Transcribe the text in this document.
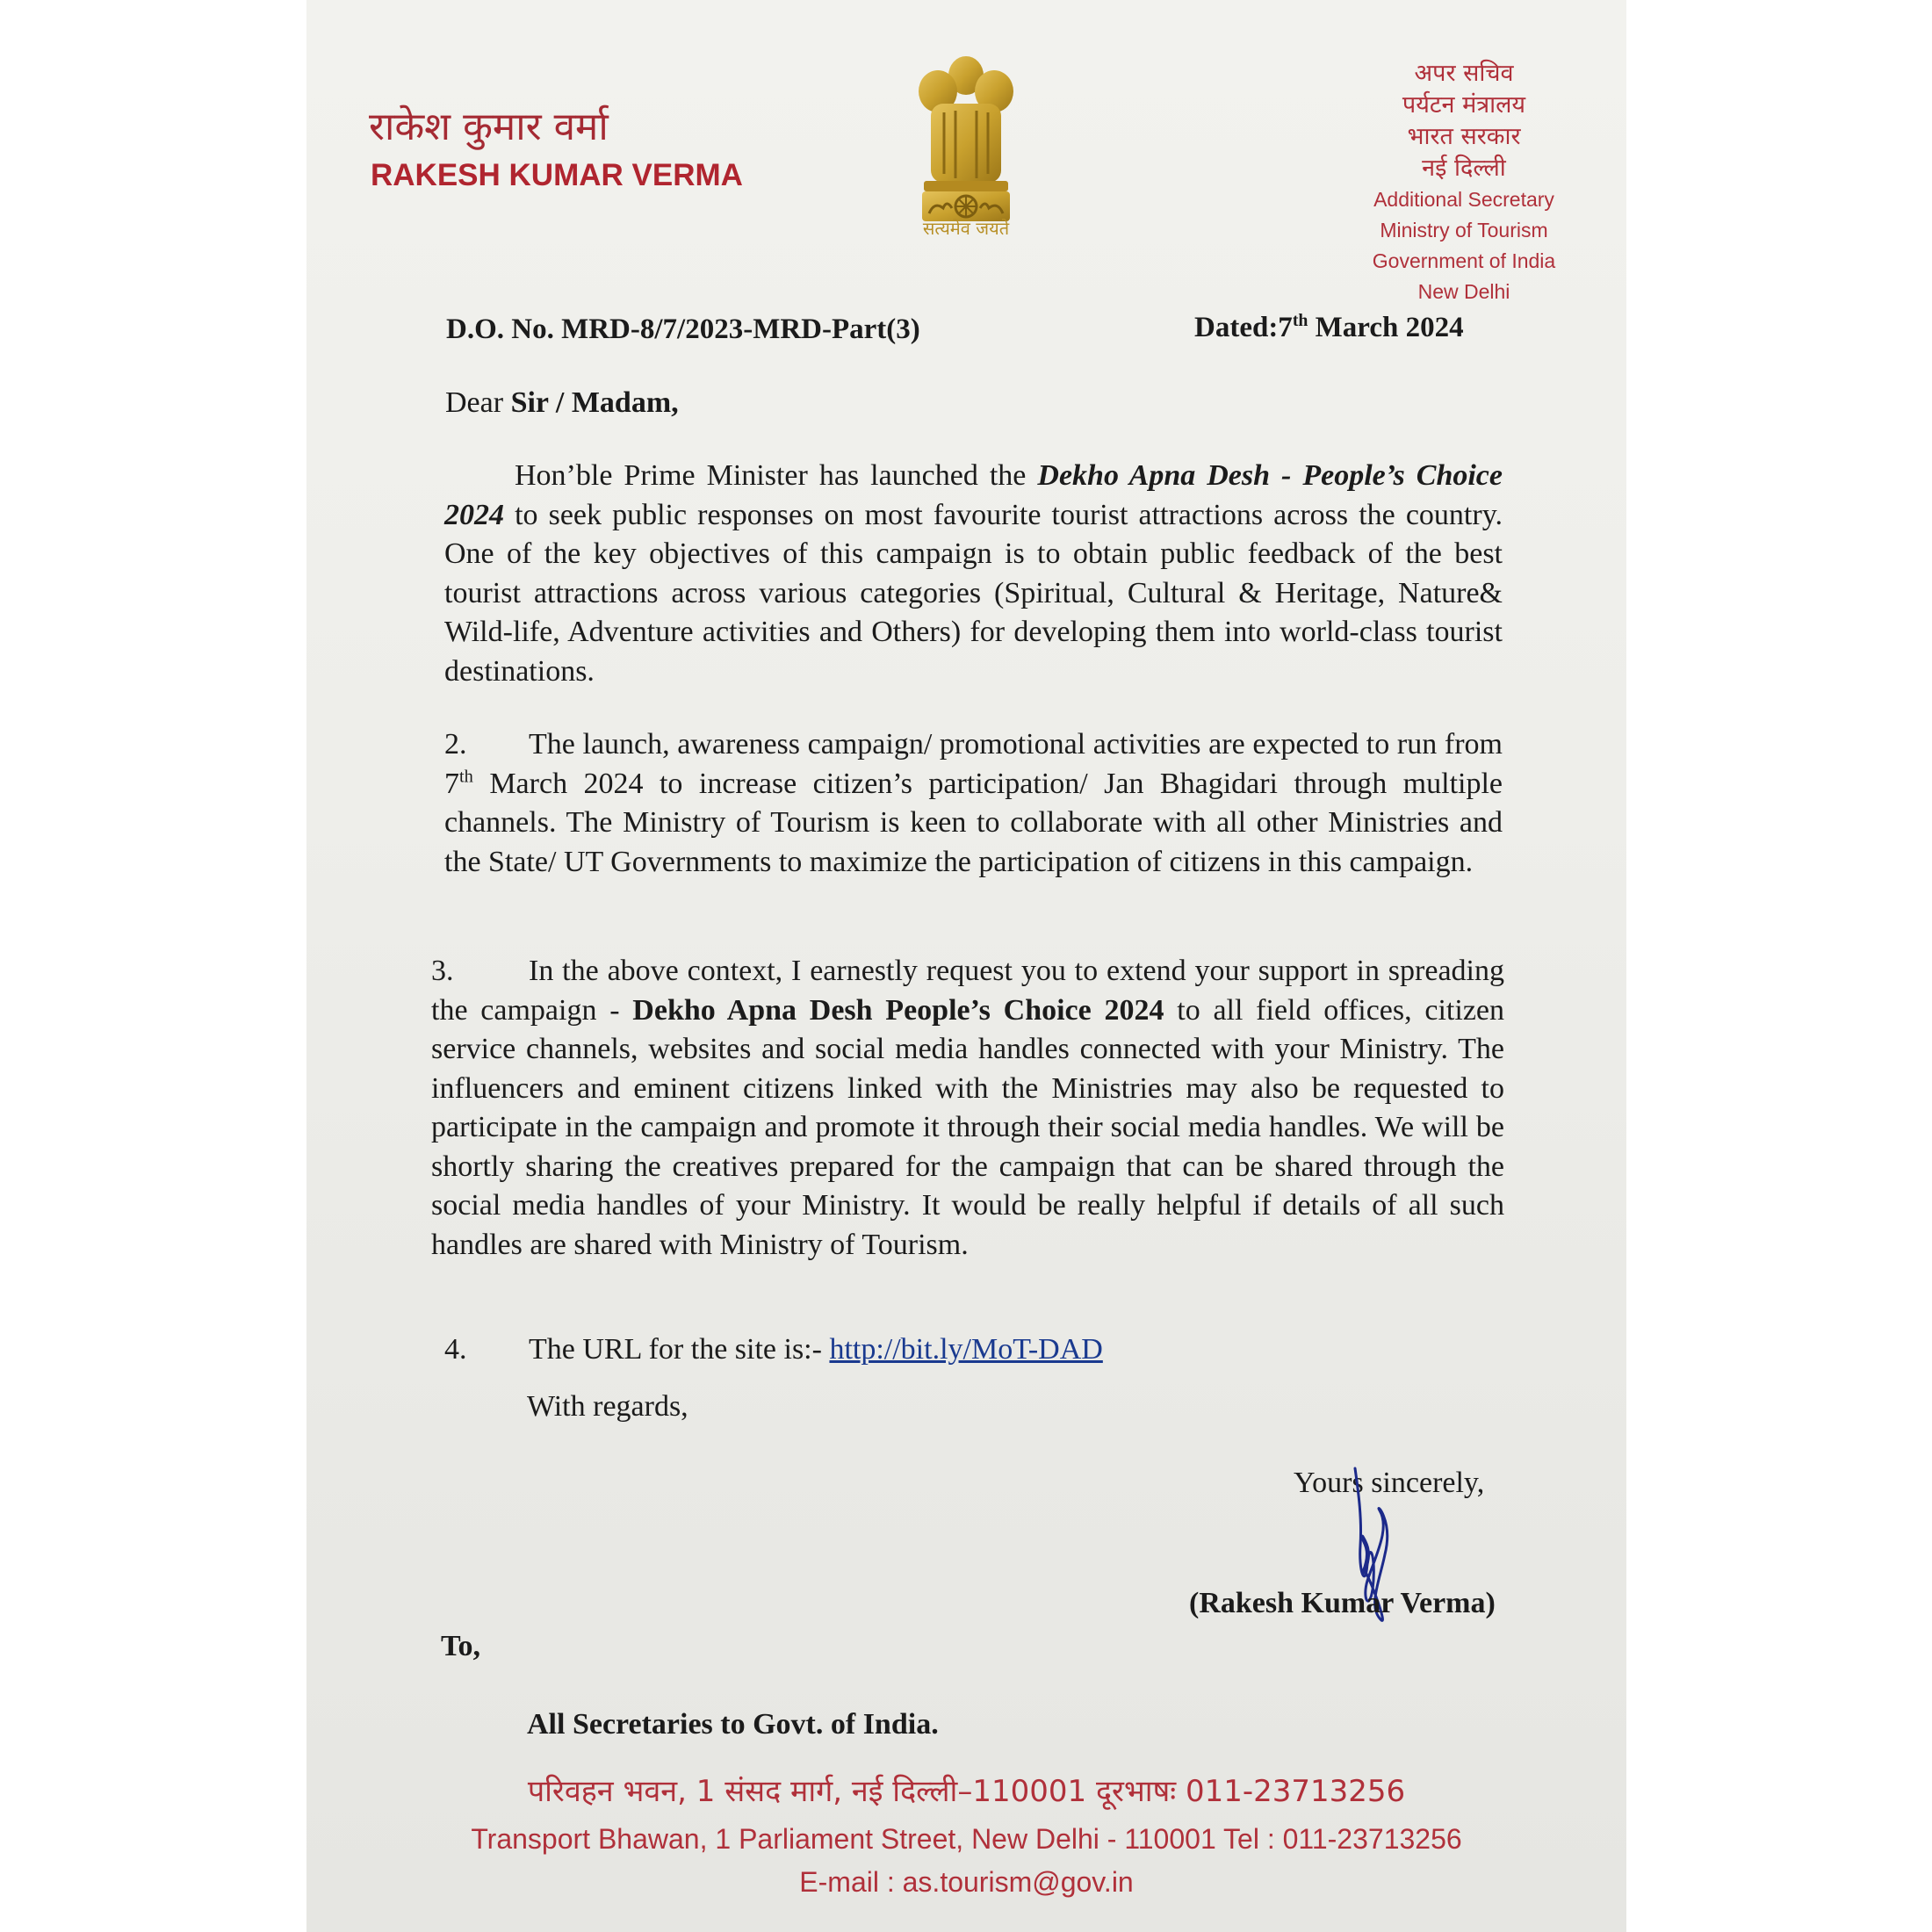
राकेश कुमार वर्मा
RAKESH KUMAR VERMA
सत्यमेव जयते
अपर सचिव
पर्यटन मंत्रालय
भारत सरकार
नई दिल्ली
Additional Secretary
Ministry of Tourism
Government of India
New Delhi
D.O. No. MRD-8/7/2023-MRD-Part(3)	Dated:7th March 2024
Dear Sir / Madam,
Hon’ble Prime Minister has launched the Dekho Apna Desh - People’s Choice 2024 to seek public responses on most favourite tourist attractions across the country. One of the key objectives of this campaign is to obtain public feedback of the best tourist attractions across various categories (Spiritual, Cultural & Heritage, Nature& Wild-life, Adventure activities and Others) for developing them into world-class tourist destinations.
2. The launch, awareness campaign/ promotional activities are expected to run from 7th March 2024 to increase citizen’s participation/ Jan Bhagidari through multiple channels. The Ministry of Tourism is keen to collaborate with all other Ministries and the State/ UT Governments to maximize the participation of citizens in this campaign.
3.	In the above context, I earnestly request you to extend your support in spreading the campaign - Dekho Apna Desh People’s Choice 2024 to all field offices, citizen service channels, websites and social media handles connected with your Ministry. The influencers and eminent citizens linked with the Ministries may also be requested to participate in the campaign and promote it through their social media handles. We will be shortly sharing the creatives prepared for the campaign that can be shared through the social media handles of your Ministry. It would be really helpful if details of all such handles are shared with Ministry of Tourism.
4. The URL for the site is:- http://bit.ly/MoT-DAD
With regards,
Yours sincerely,
(Rakesh Kumar Verma)
To,
All Secretaries to Govt. of India.
परिवहन भवन, 1 संसद मार्ग, नई दिल्ली–110001 दूरभाषः 011-23713256
Transport Bhawan, 1 Parliament Street, New Delhi - 110001 Tel : 011-23713256
E-mail : as.tourism@gov.in
